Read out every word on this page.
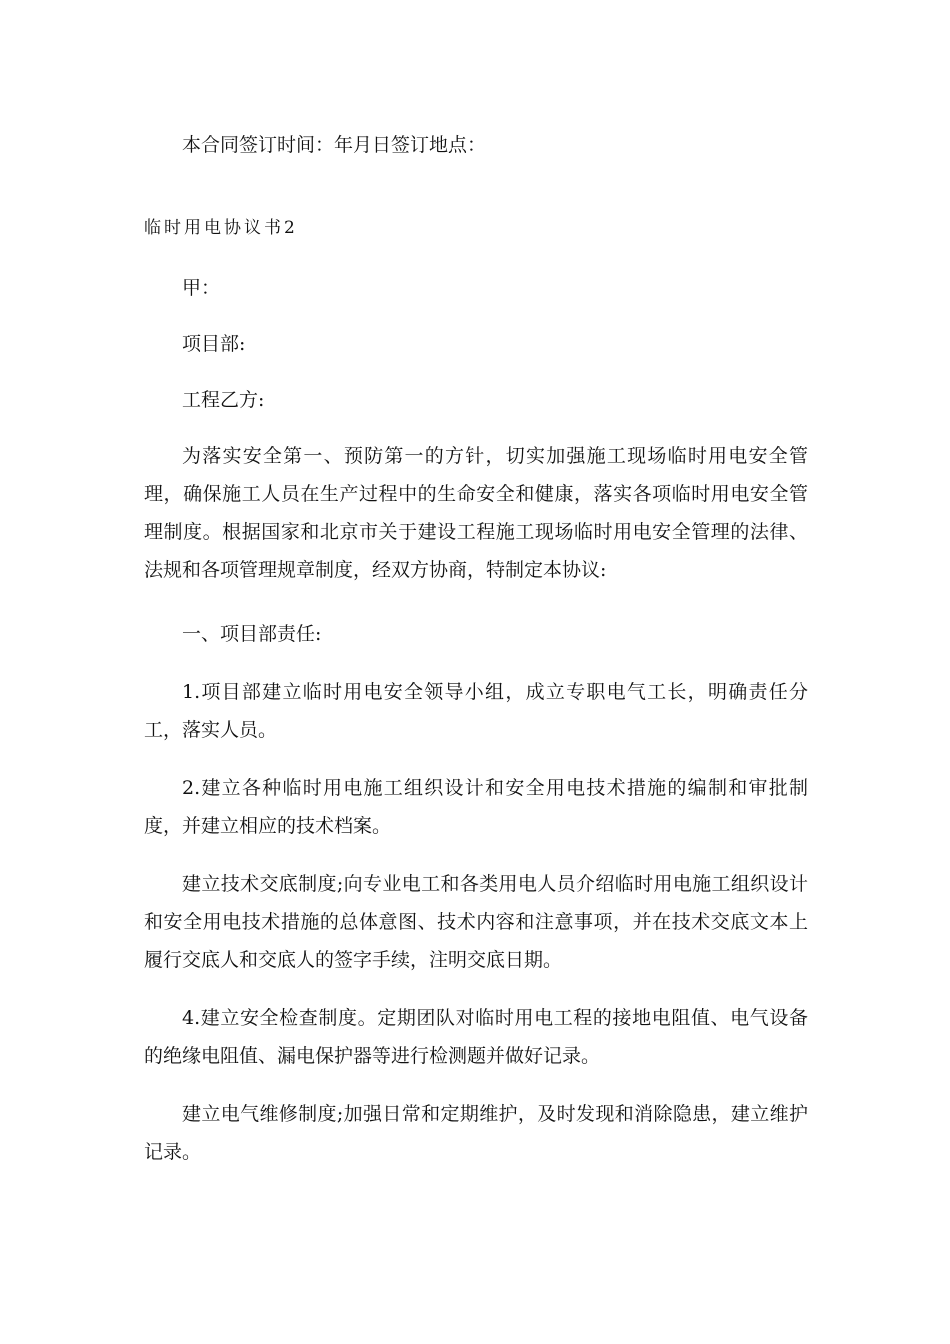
本合同签订时间：年月日签订地点：
临时用电协议书2
甲：
项目部:
工程乙方:
为落实安全第一、预防第一的方针，切实加强施工现场临时用电安全管理，确保施工人员在生产过程中的生命安全和健康，落实各项临时用电安全管理制度。根据国家和北京市关于建设工程施工现场临时用电安全管理的法律、法规和各项管理规章制度，经双方协商，特制定本协议:
一、项目部责任:
1.项目部建立临时用电安全领导小组，成立专职电气工长，明确责任分工，落实人员。
2.建立各种临时用电施工组织设计和安全用电技术措施的编制和审批制度，并建立相应的技术档案。
建立技术交底制度;向专业电工和各类用电人员介绍临时用电施工组织设计和安全用电技术措施的总体意图、技术内容和注意事项，并在技术交底文本上履行交底人和交底人的签字手续，注明交底日期。
4.建立安全检查制度。定期团队对临时用电工程的接地电阻值、电气设备的绝缘电阻值、漏电保护器等进行检测题并做好记录。
建立电气维修制度;加强日常和定期维护，及时发现和消除隐患，建立维护记录。
